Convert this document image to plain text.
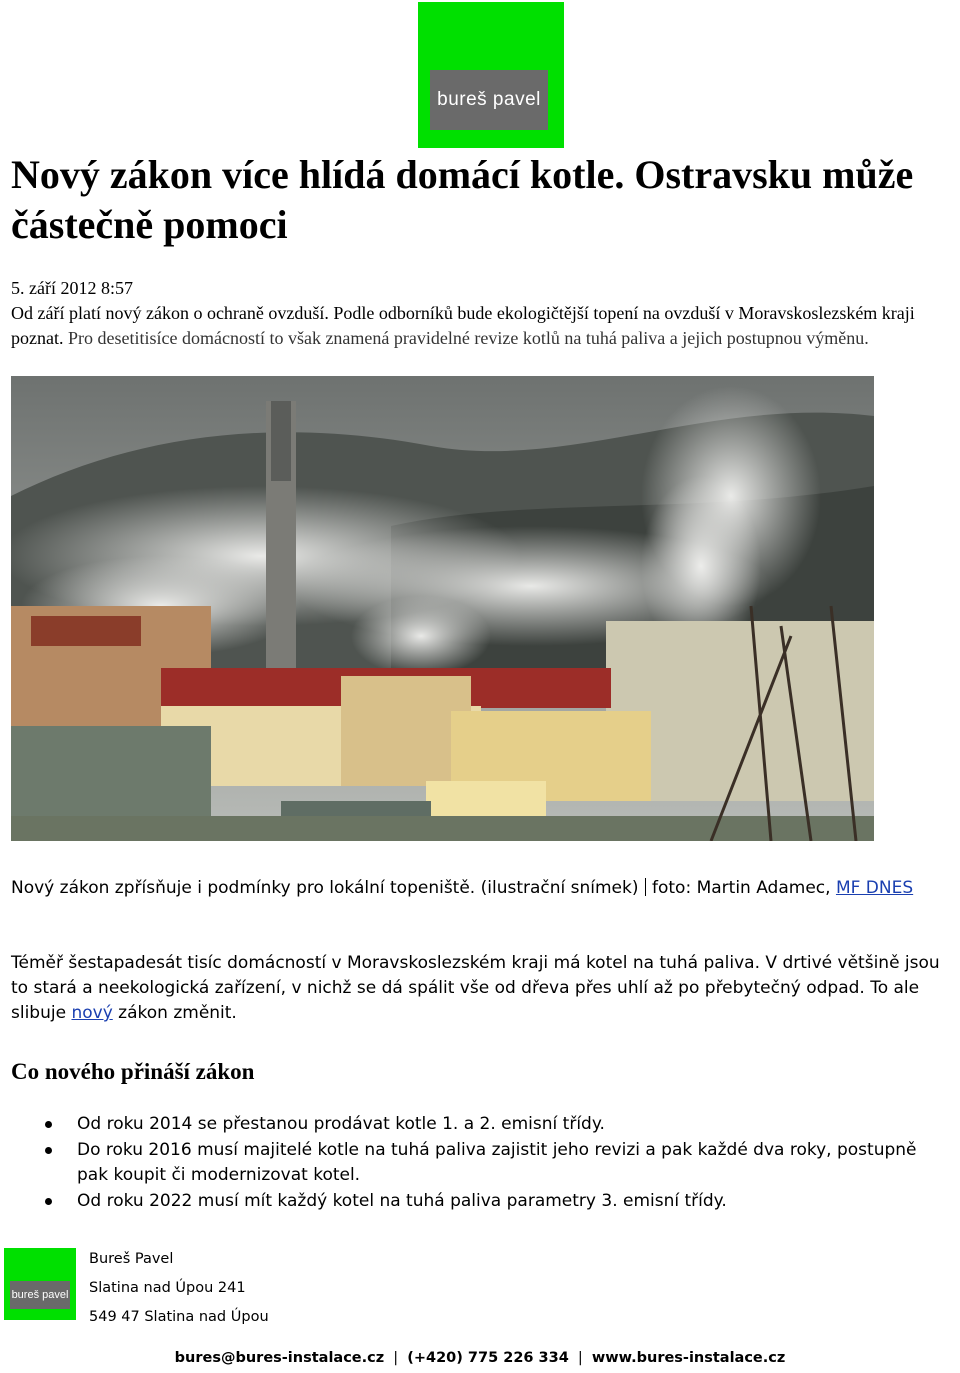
bureš pavel
Nový zákon více hlídá domácí kotle. Ostravsku může částečně pomoci
5. září 2012 8:57

Od září platí nový zákon o ochraně ovzduší. Podle odborníků bude ekologičtější topení na ovzduší v Moravskoslezském kraji poznat. Pro desetitisíce domácností to však znamená pravidelné revize kotlů na tuhá paliva a jejich postupnou výměnu.

Nový zákon zpřísňuje i podmínky pro lokální topeniště. (ilustrační snímek) foto: Martin Adamec, MF DNES

Téměř šestapadesát tisíc domácností v Moravskoslezském kraji má kotel na tuhá paliva. V drtivé většině jsou to stará a neekologická zařízení, v nichž se dá spálit vše od dřeva přes uhlí až po přebytečný odpad. To ale slibuje nový zákon změnit.

Co nového přináší zákon
Od roku 2014 se přestanou prodávat kotle 1. a 2. emisní třídy.
Do roku 2016 musí majitelé kotle na tuhá paliva zajistit jeho revizi a pak každé dva roky, postupně pak koupit či modernizovat kotel.
Od roku 2022 musí mít každý kotel na tuhá paliva parametry 3. emisní třídy.
bureš pavel
Bureš Pavel
Slatina nad Úpou 241
549 47 Slatina nad Úpou
bures@bures-instalace.cz | (+420) 775 226 334 | www.bures-instalace.cz
